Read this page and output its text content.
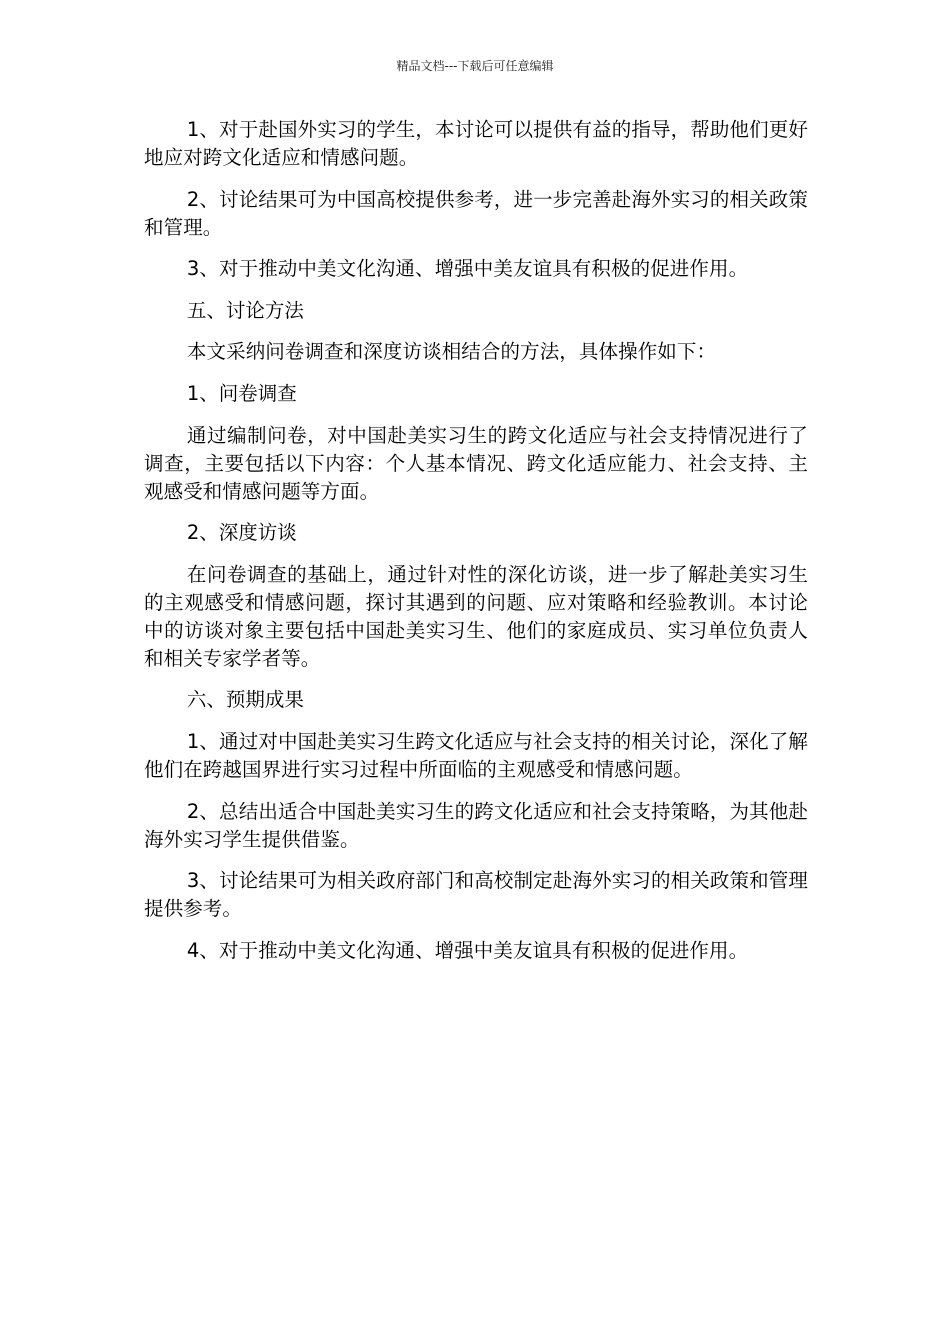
精品文档---下载后可任意编辑

1、对于赴国外实习的学生，本讨论可以提供有益的指导，帮助他们更好地应对跨文化适应和情感问题。

2、讨论结果可为中国高校提供参考，进一步完善赴海外实习的相关政策和管理。

3、对于推动中美文化沟通、增强中美友谊具有积极的促进作用。

五、讨论方法

本文采纳问卷调查和深度访谈相结合的方法，具体操作如下：

1、问卷调查

通过编制问卷，对中国赴美实习生的跨文化适应与社会支持情况进行了调查，主要包括以下内容：个人基本情况、跨文化适应能力、社会支持、主观感受和情感问题等方面。

2、深度访谈

在问卷调查的基础上，通过针对性的深化访谈，进一步了解赴美实习生的主观感受和情感问题，探讨其遇到的问题、应对策略和经验教训。本讨论中的访谈对象主要包括中国赴美实习生、他们的家庭成员、实习单位负责人和相关专家学者等。

六、预期成果

1、通过对中国赴美实习生跨文化适应与社会支持的相关讨论，深化了解他们在跨越国界进行实习过程中所面临的主观感受和情感问题。

2、总结出适合中国赴美实习生的跨文化适应和社会支持策略，为其他赴海外实习学生提供借鉴。

3、讨论结果可为相关政府部门和高校制定赴海外实习的相关政策和管理提供参考。

4、对于推动中美文化沟通、增强中美友谊具有积极的促进作用。
